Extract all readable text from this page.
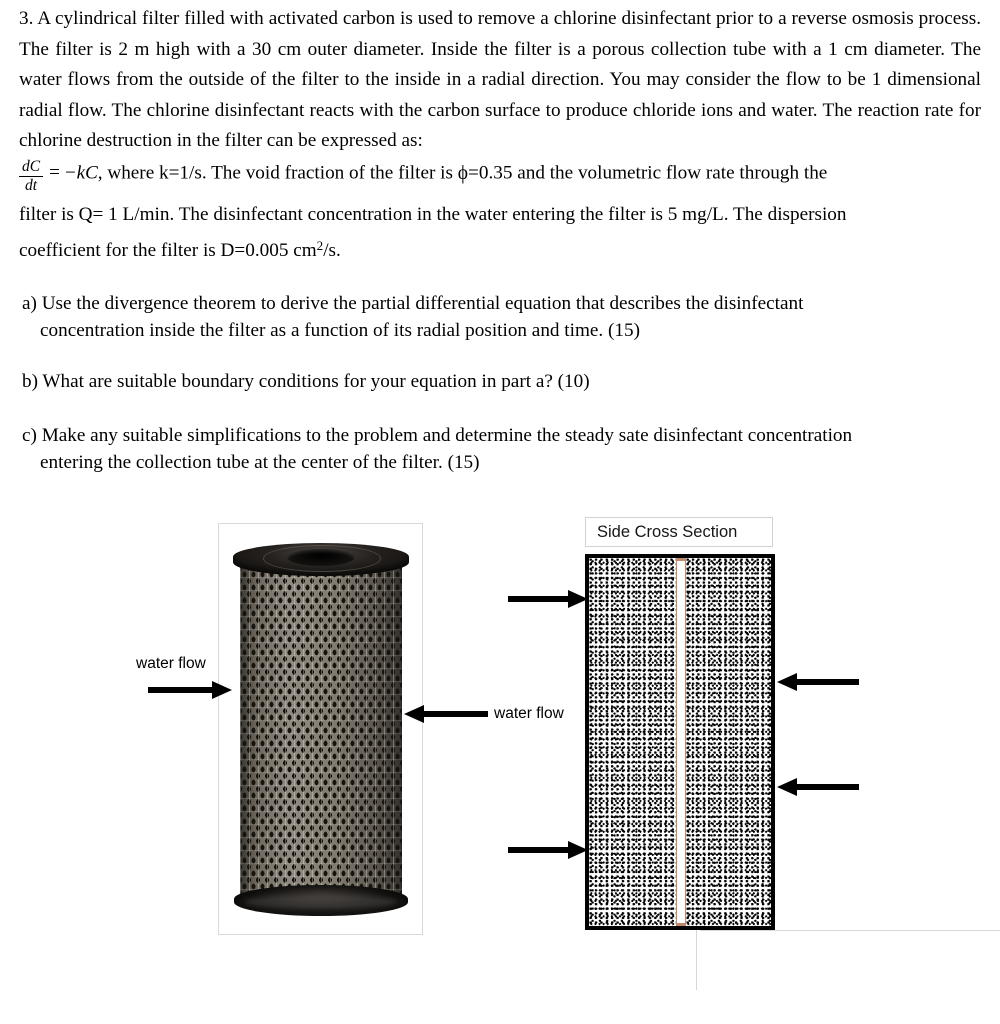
3. A cylindrical filter filled with activated carbon is used to remove a chlorine disinfectant prior to a reverse osmosis process. The filter is 2 m high with a 30 cm outer diameter. Inside the filter is a porous collection tube with a 1 cm diameter. The water flows from the outside of the filter to the inside in a radial direction. You may consider the flow to be 1 dimensional radial flow. The chlorine disinfectant reacts with the carbon surface to produce chloride ions and water. The reaction rate for chlorine destruction in the filter can be expressed as:

$\frac{dC}{dt} = -kC$, where k=1/s. The void fraction of the filter is ϕ=0.35 and the volumetric flow rate through the

filter is Q= 1 L/min. The disinfectant concentration in the water entering the filter is 5 mg/L. The dispersion

coefficient for the filter is D=0.005 $cm^2/s$.

a) Use the divergence theorem to derive the partial differential equation that describes the disinfectant
concentration inside the filter as a function of its radial position and time. (15)
b) What are suitable boundary conditions for your equation in part a? (10)
c) Make any suitable simplifications to the problem and determine the steady sate disinfectant concentration
entering the collection tube at the center of the filter. (15)
water flow
water flow
Side Cross Section
